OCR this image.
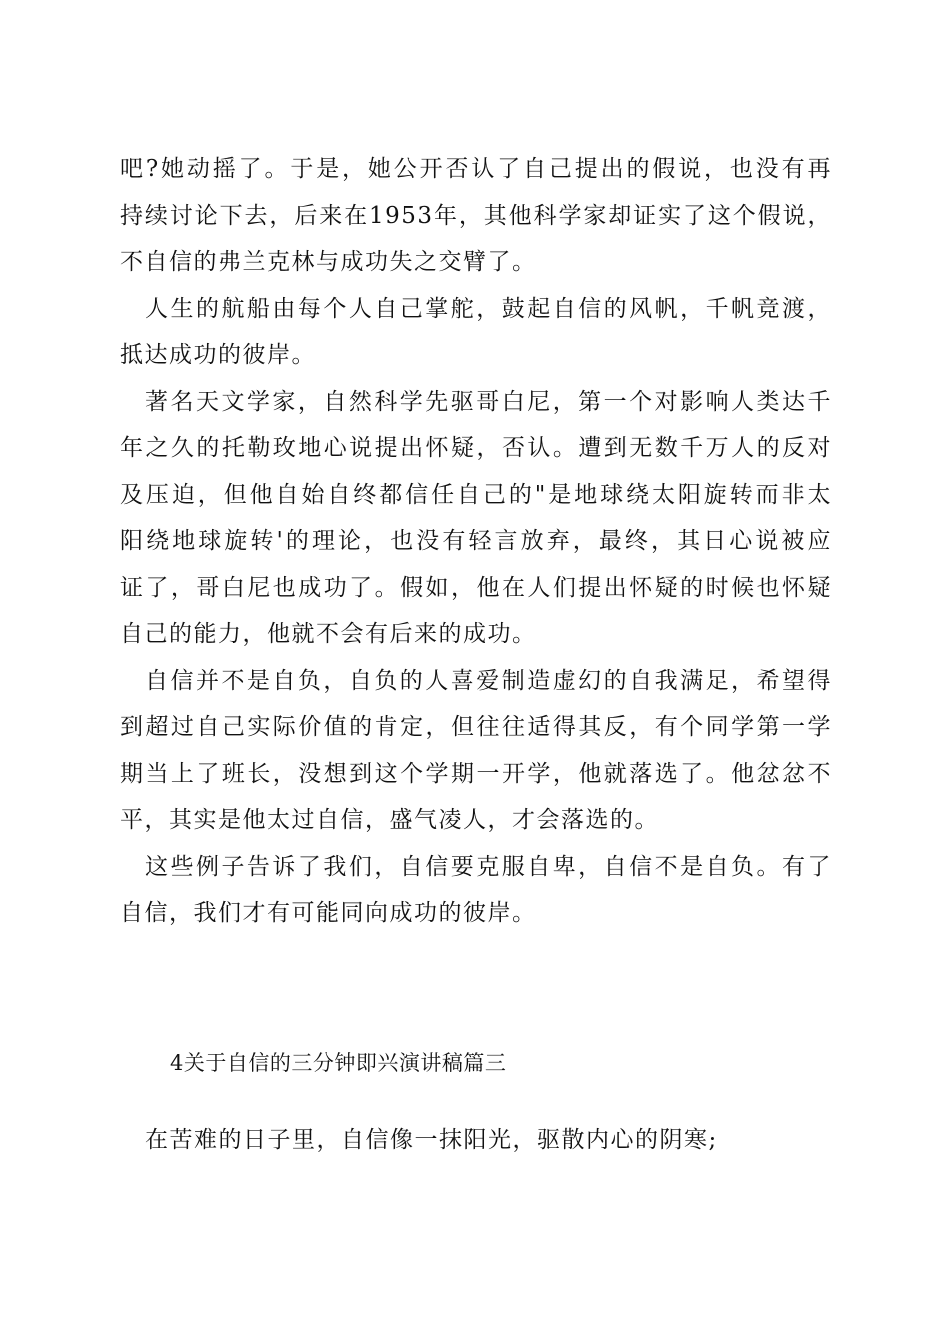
吧?她动摇了。于是，她公开否认了自己提出的假说，也没有再
持续讨论下去，后来在1953年，其他科学家却证实了这个假说，
不自信的弗兰克林与成功失之交臂了。
人生的航船由每个人自己掌舵，鼓起自信的风帆，千帆竞渡，
抵达成功的彼岸。
著名天文学家，自然科学先驱哥白尼，第一个对影响人类达千
年之久的托勒玫地心说提出怀疑，否认。遭到无数千万人的反对
及压迫，但他自始自终都信任自己的"是地球绕太阳旋转而非太
阳绕地球旋转'的理论，也没有轻言放弃，最终，其日心说被应
证了，哥白尼也成功了。假如，他在人们提出怀疑的时候也怀疑
自己的能力，他就不会有后来的成功。
自信并不是自负，自负的人喜爱制造虚幻的自我满足，希望得
到超过自己实际价值的肯定，但往往适得其反，有个同学第一学
期当上了班长，没想到这个学期一开学，他就落选了。他忿忿不
平，其实是他太过自信，盛气凌人，才会落选的。
这些例子告诉了我们，自信要克服自卑，自信不是自负。有了
自信，我们才有可能同向成功的彼岸。
4关于自信的三分钟即兴演讲稿篇三
在苦难的日子里，自信像一抹阳光，驱散内心的阴寒;
